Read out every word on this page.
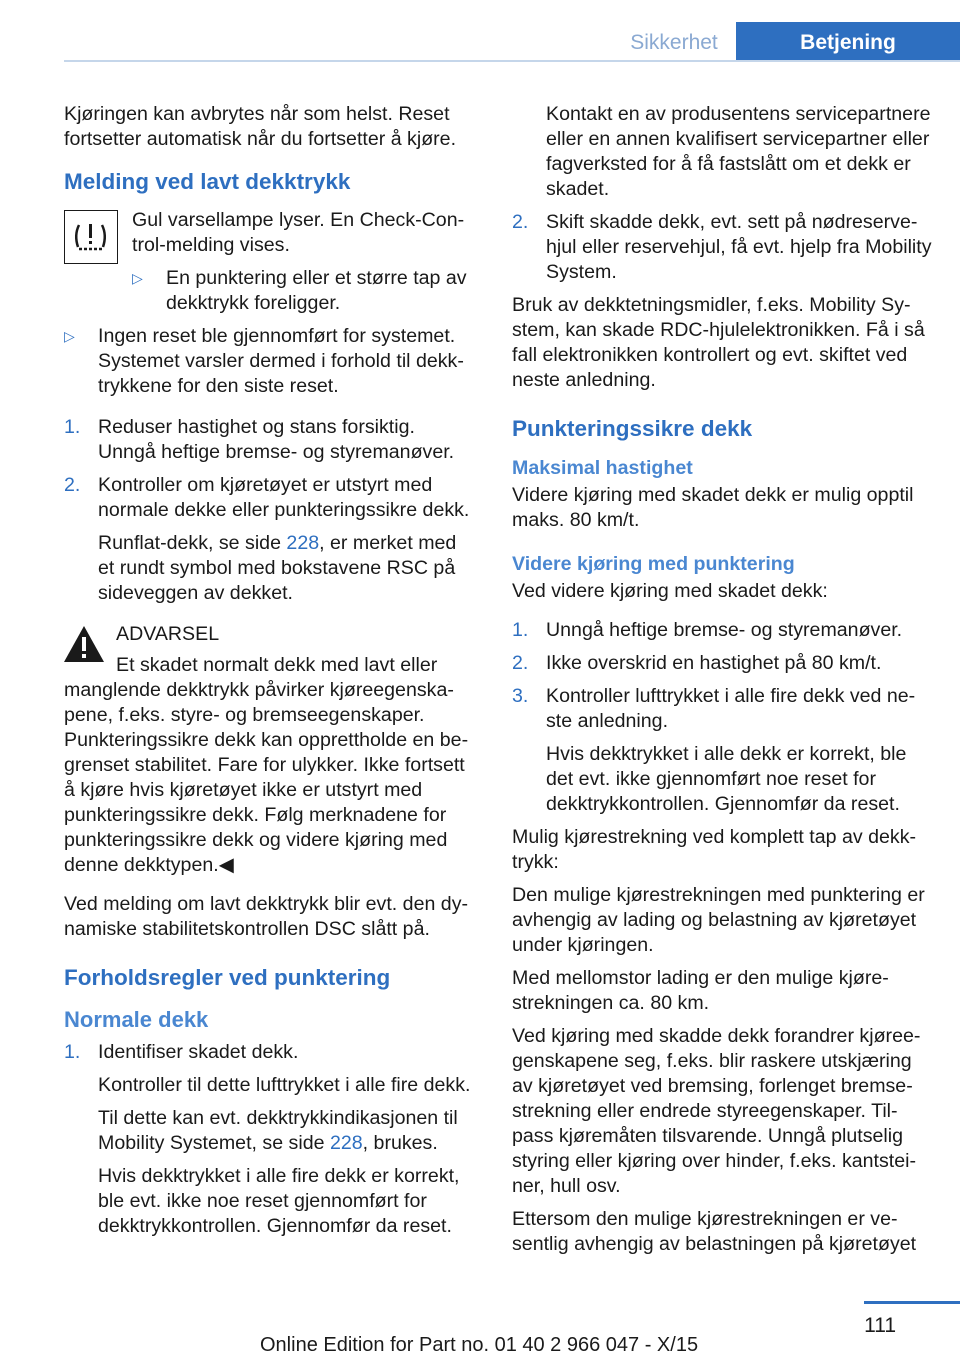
Sikkerhet	Betjening

Kjøringen kan avbrytes når som helst. Reset fortsetter automatisk når du fortsetter å kjøre.

Melding ved lavt dekktrykk

Gul varsellampe lyser. En Check-Control-melding vises.

▷	En punktering eller et større tap av dekktrykk foreligger.
▷	Ingen reset ble gjennomført for systemet. Systemet varsler dermed i forhold til dekktrykkene for den siste reset.
1. Reduser hastighet og stans forsiktig. Unngå heftige bremse- og styremanøver.
2. Kontroller om kjøretøyet er utstyrt med normale dekke eller punkteringssikre dekk.

Runflat-dekk, se side 228, er merket med et rundt symbol med bokstavene RSC på sideveggen av dekket.

ADVARSEL
Et skadet normalt dekk med lavt eller

manglende dekktrykk påvirker kjøreegenskapene, f.eks. styre- og bremseegenskaper. Punkteringssikre dekk kan opprettholde en begrenset stabilitet. Fare for ulykker. Ikke fortsett å kjøre hvis kjøretøyet ikke er utstyrt med punkteringssikre dekk. Følg merknadene for punkteringssikre dekk og videre kjøring med denne dekktypen.◀

Ved melding om lavt dekktrykk blir evt. den dynamiske stabilitetskontrollen DSC slått på.

Forholdsregler ved punktering
Normale dekk
1. Identifiser skadet dekk.

Kontroller til dette lufttrykket i alle fire dekk.

Til dette kan evt. dekktrykkindikasjonen til Mobility Systemet, se side 228, brukes.

Hvis dekktrykket i alle fire dekk er korrekt, ble evt. ikke noe reset gjennomført for dekktrykkontrollen. Gjennomfør da reset.

Kontakt en av produsentens servicepartnere eller en annen kvalifisert servicepartner eller fagverksted for å få fastslått om et dekk er skadet.
2. Skift skadde dekk, evt. sett på nødreservehjul eller reservehjul, få evt. hjelp fra Mobility System.

Bruk av dekktetningsmidler, f.eks. Mobility System, kan skade RDC-hjulelektronikken. Få i så fall elektronikken kontrollert og evt. skiftet ved neste anledning.

Punkteringssikre dekk
Maksimal hastighet

Videre kjøring med skadet dekk er mulig opptil maks. 80 km/t.

Videre kjøring med punktering

Ved videre kjøring med skadet dekk:

1. Unngå heftige bremse- og styremanøver.
2. Ikke overskrid en hastighet på 80 km/t.
3. Kontroller lufttrykket i alle fire dekk ved neste anledning.

Hvis dekktrykket i alle dekk er korrekt, ble det evt. ikke gjennomført noe reset for dekktrykkontrollen. Gjennomfør da reset.

Mulig kjørestrekning ved komplett tap av dekktrykk:

Den mulige kjørestrekningen med punktering er avhengig av lading og belastning av kjøretøyet under kjøringen.

Med mellomstor lading er den mulige kjørestrekningen ca. 80 km.

Ved kjøring med skadde dekk forandrer kjøreegenskapene seg, f.eks. blir raskere utskjæring av kjøretøyet ved bremsing, forlenget bremsestrekning eller endrede styreegenskaper. Tilpass kjøremåten tilsvarende. Unngå plutselig styring eller kjøring over hinder, f.eks. kantsteiner, hull osv.

Ettersom den mulige kjørestrekningen er vesentlig avhengig av belastningen på kjøretøyet

111
Online Edition for Part no. 01 40 2 966 047 - X/15
